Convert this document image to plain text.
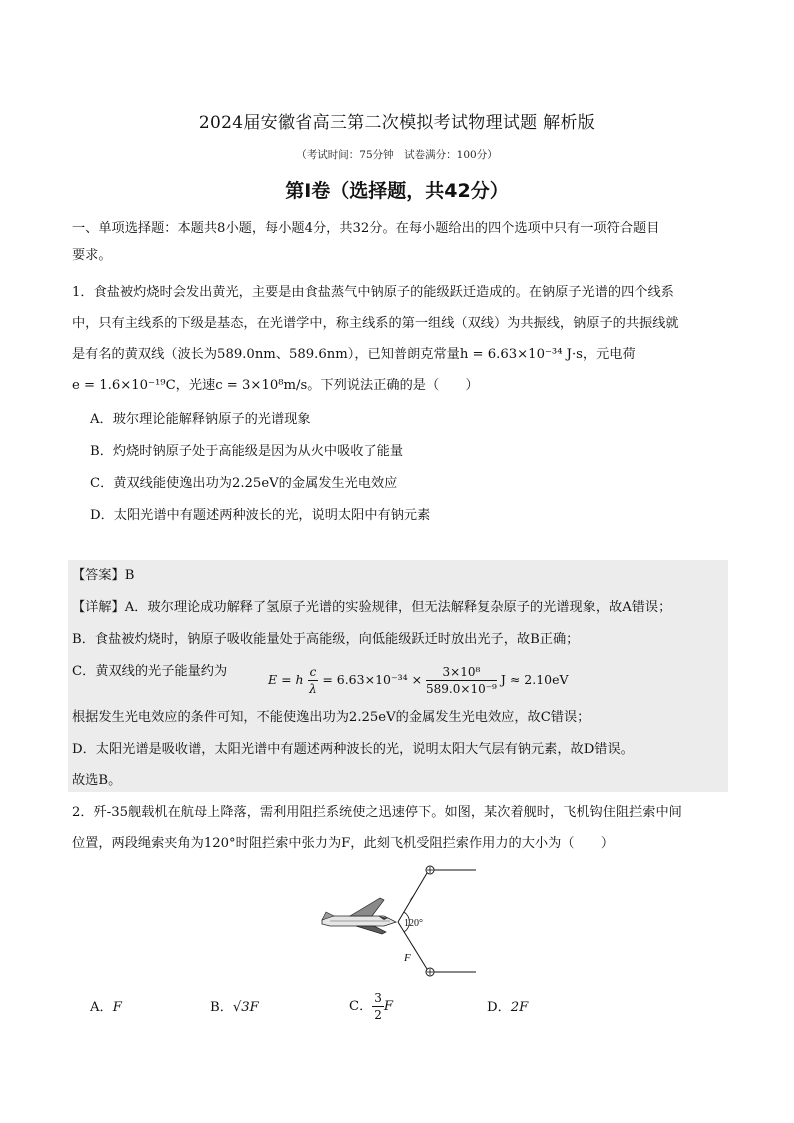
2024届安徽省高三第二次模拟考试物理试题 解析版
（考试时间：75分钟　试卷满分：100分）
第I卷（选择题，共42分）
一、单项选择题：本题共8小题，每小题4分，共32分。在每小题给出的四个选项中只有一项符合题目
要求。
1．食盐被灼烧时会发出黄光，主要是由食盐蒸气中钠原子的能级跃迁造成的。在钠原子光谱的四个线系
中，只有主线系的下级是基态，在光谱学中，称主线系的第一组线（双线）为共振线，钠原子的共振线就
是有名的黄双线（波长为589.0nm、589.6nm），已知普朗克常量h = 6.63×10⁻³⁴ J·s，元电荷
e = 1.6×10⁻¹⁹C，光速c = 3×10⁸m/s。下列说法正确的是（　　）
A．玻尔理论能解释钠原子的光谱现象
B．灼烧时钠原子处于高能级是因为从火中吸收了能量
C．黄双线能使逸出功为2.25eV的金属发生光电效应
D．太阳光谱中有题述两种波长的光，说明太阳中有钠元素
【答案】B
【详解】A．玻尔理论成功解释了氢原子光谱的实验规律，但无法解释复杂原子的光谱现象，故A错误；
B．食盐被灼烧时，钠原子吸收能量处于高能级，向低能级跃迁时放出光子，故B正确；
C．黄双线的光子能量约为
E = h $\frac{c}{\lambda} = 6.63\times 10^{-34} \times \frac{\text{3×10⁸}}{\text{589.0×10⁻⁹}}$ J ≈ 2.10eV
根据发生光电效应的条件可知，不能使逸出功为2.25eV的金属发生光电效应，故C错误；
D．太阳光谱是吸收谱，太阳光谱中有题述两种波长的光，说明太阳大气层有钠元素，故D错误。
故选B。
2．歼-35舰载机在航母上降落，需利用阻拦系统使之迅速停下。如图，某次着舰时，飞机钩住阻拦索中间
位置，两段绳索夹角为120°时阻拦索中张力为F，此刻飞机受阻拦索作用力的大小为（　　）
120°
F
A．F	B．√3F	C． $\frac{3}{2}$ F	D．2F
